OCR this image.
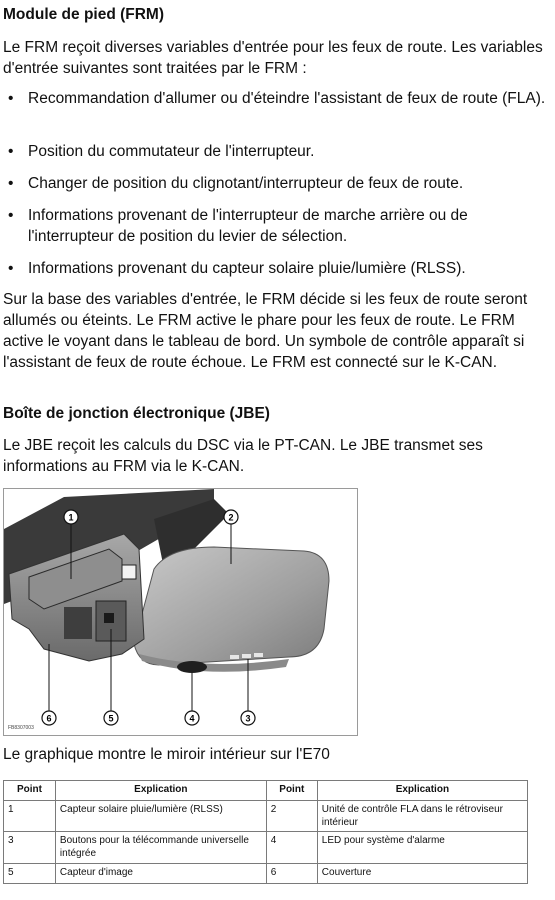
Module de pied (FRM)
Le FRM reçoit diverses variables d'entrée pour les feux de route. Les variables d'entrée suivantes sont traitées par le FRM :
• Recommandation d'allumer ou d'éteindre l'assistant de feux de route (FLA).
• Position du commutateur de l'interrupteur.
• Changer de position du clignotant/interrupteur de feux de route.
• Informations provenant de l'interrupteur de marche arrière ou de l'interrupteur de position du levier de sélection.
• Informations provenant du capteur solaire pluie/lumière (RLSS).
Sur la base des variables d'entrée, le FRM décide si les feux de route seront allumés ou éteints. Le FRM active le phare pour les feux de route. Le FRM active le voyant dans le tableau de bord. Un symbole de contrôle apparaît si l'assistant de feux de route échoue. Le FRM est connecté sur le K-CAN.
Boîte de jonction électronique (JBE)
Le JBE reçoit les calculs du DSC via le PT-CAN. Le JBE transmet ses informations au FRM via le K-CAN.
1	2
3
4
5
6
FB8307003
Le graphique montre le miroir intérieur sur l'E70
Point	Explication	Point	Explication
1	Capteur solaire pluie/lumière (RLSS)	2	Unité de contrôle FLA dans le rétroviseur intérieur
3	Boutons pour la télécommande universelle intégrée	4	LED pour système d'alarme
5	Capteur d'image	6	Couverture
